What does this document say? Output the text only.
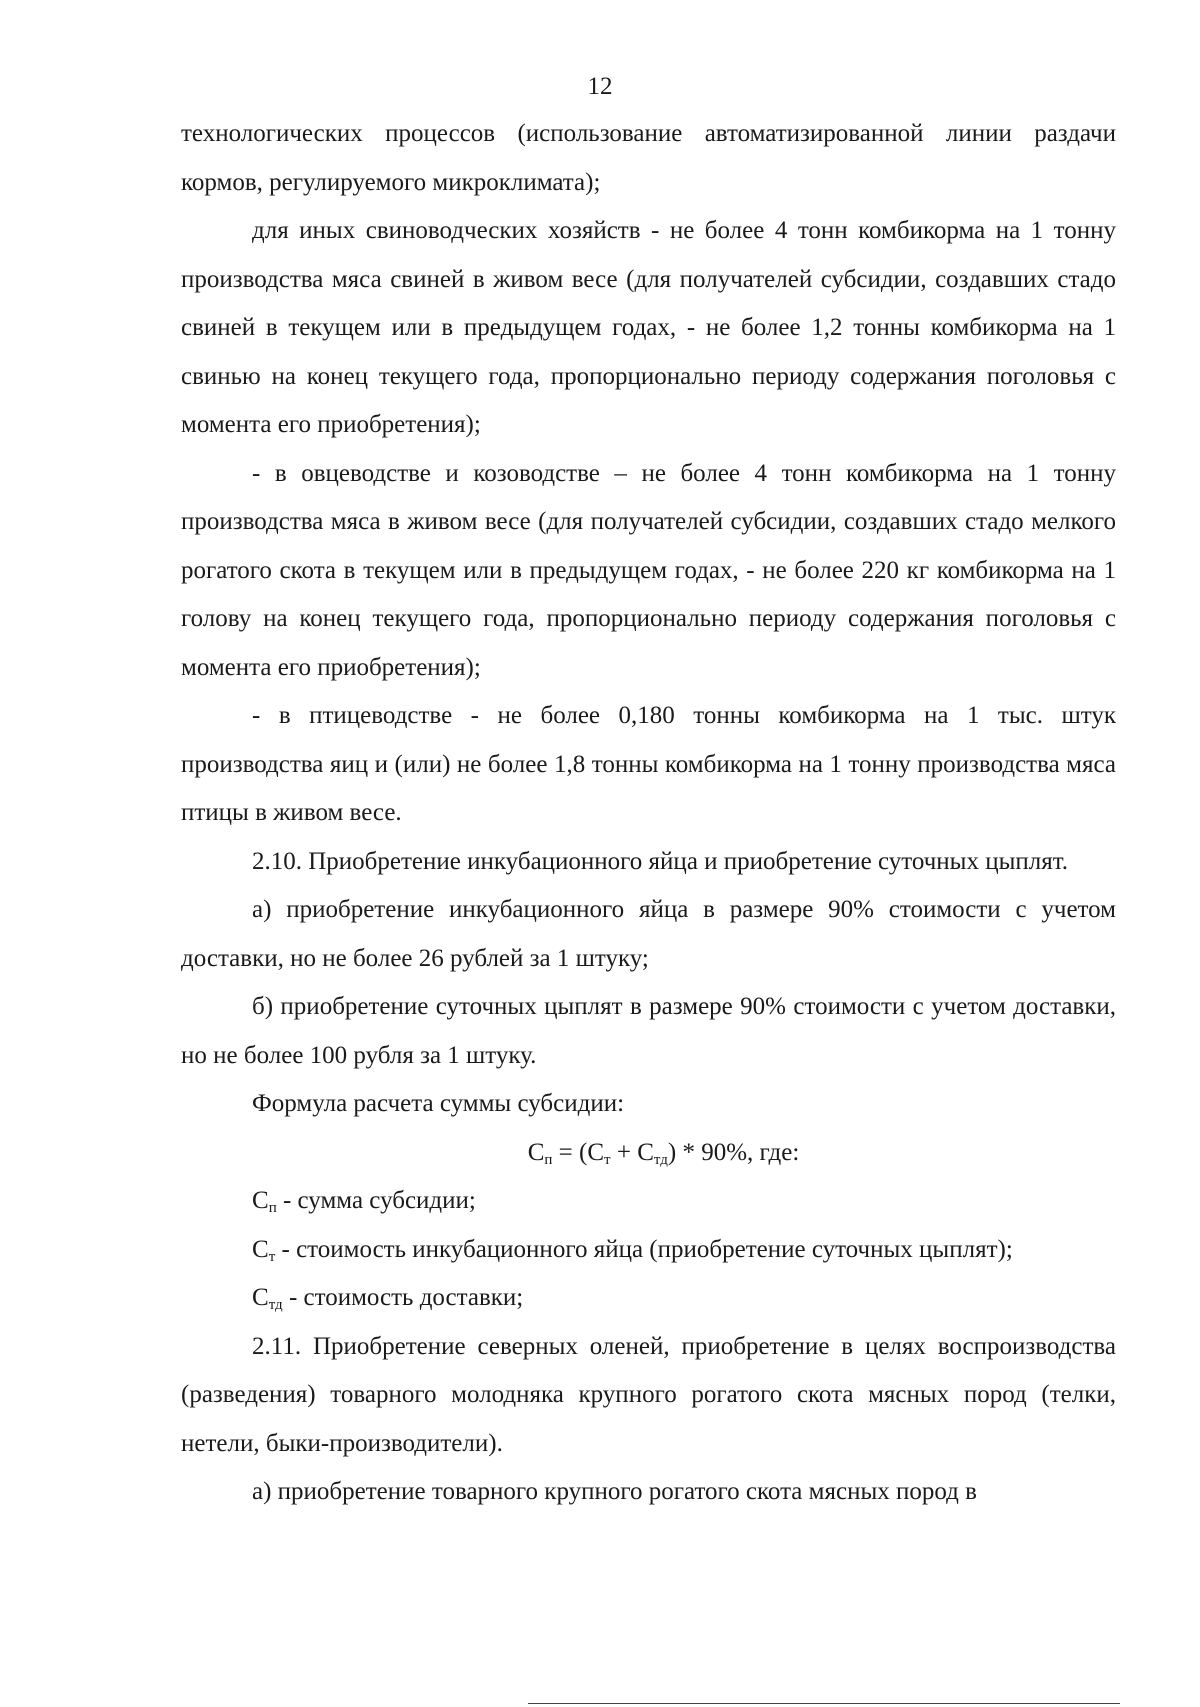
12

технологических процессов (использование автоматизированной линии раздачи кормов, регулируемого микроклимата);

для иных свиноводческих хозяйств - не более 4 тонн комбикорма на 1 тонну производства мяса свиней в живом весе (для получателей субсидии, создавших стадо свиней в текущем или в предыдущем годах, - не более 1,2 тонны комбикорма на 1 свинью на конец текущего года, пропорционально периоду содержания поголовья с момента его приобретения);

- в овцеводстве и козоводстве – не более 4 тонн комбикорма на 1 тонну производства мяса в живом весе (для получателей субсидии, создавших стадо мелкого рогатого скота в текущем или в предыдущем годах, - не более 220 кг комбикорма на 1 голову на конец текущего года, пропорционально периоду содержания поголовья с момента его приобретения);

- в птицеводстве - не более 0,180 тонны комбикорма на 1 тыс. штук производства яиц и (или) не более 1,8 тонны комбикорма на 1 тонну производства мяса птицы в живом весе.

2.10. Приобретение инкубационного яйца и приобретение суточных цыплят.

а) приобретение инкубационного яйца в размере 90% стоимости с учетом доставки, но не более 26 рублей за 1 штуку;

б) приобретение суточных цыплят в размере 90% стоимости с учетом доставки, но не более 100 рубля за 1 штуку.

Формула расчета суммы субсидии:

$С_п = (С_т + С_{тд}) * 90\%$, где:

$С_п$ - сумма субсидии;

$С_т$ - стоимость инкубационного яйца (приобретение суточных цыплят);

$С_{тд}$ - стоимость доставки;

2.11. Приобретение северных оленей, приобретение в целях воспроизводства (разведения) товарного молодняка крупного рогатого скота мясных пород (телки, нетели, быки-производители).

а) приобретение товарного крупного рогатого скота мясных пород в
